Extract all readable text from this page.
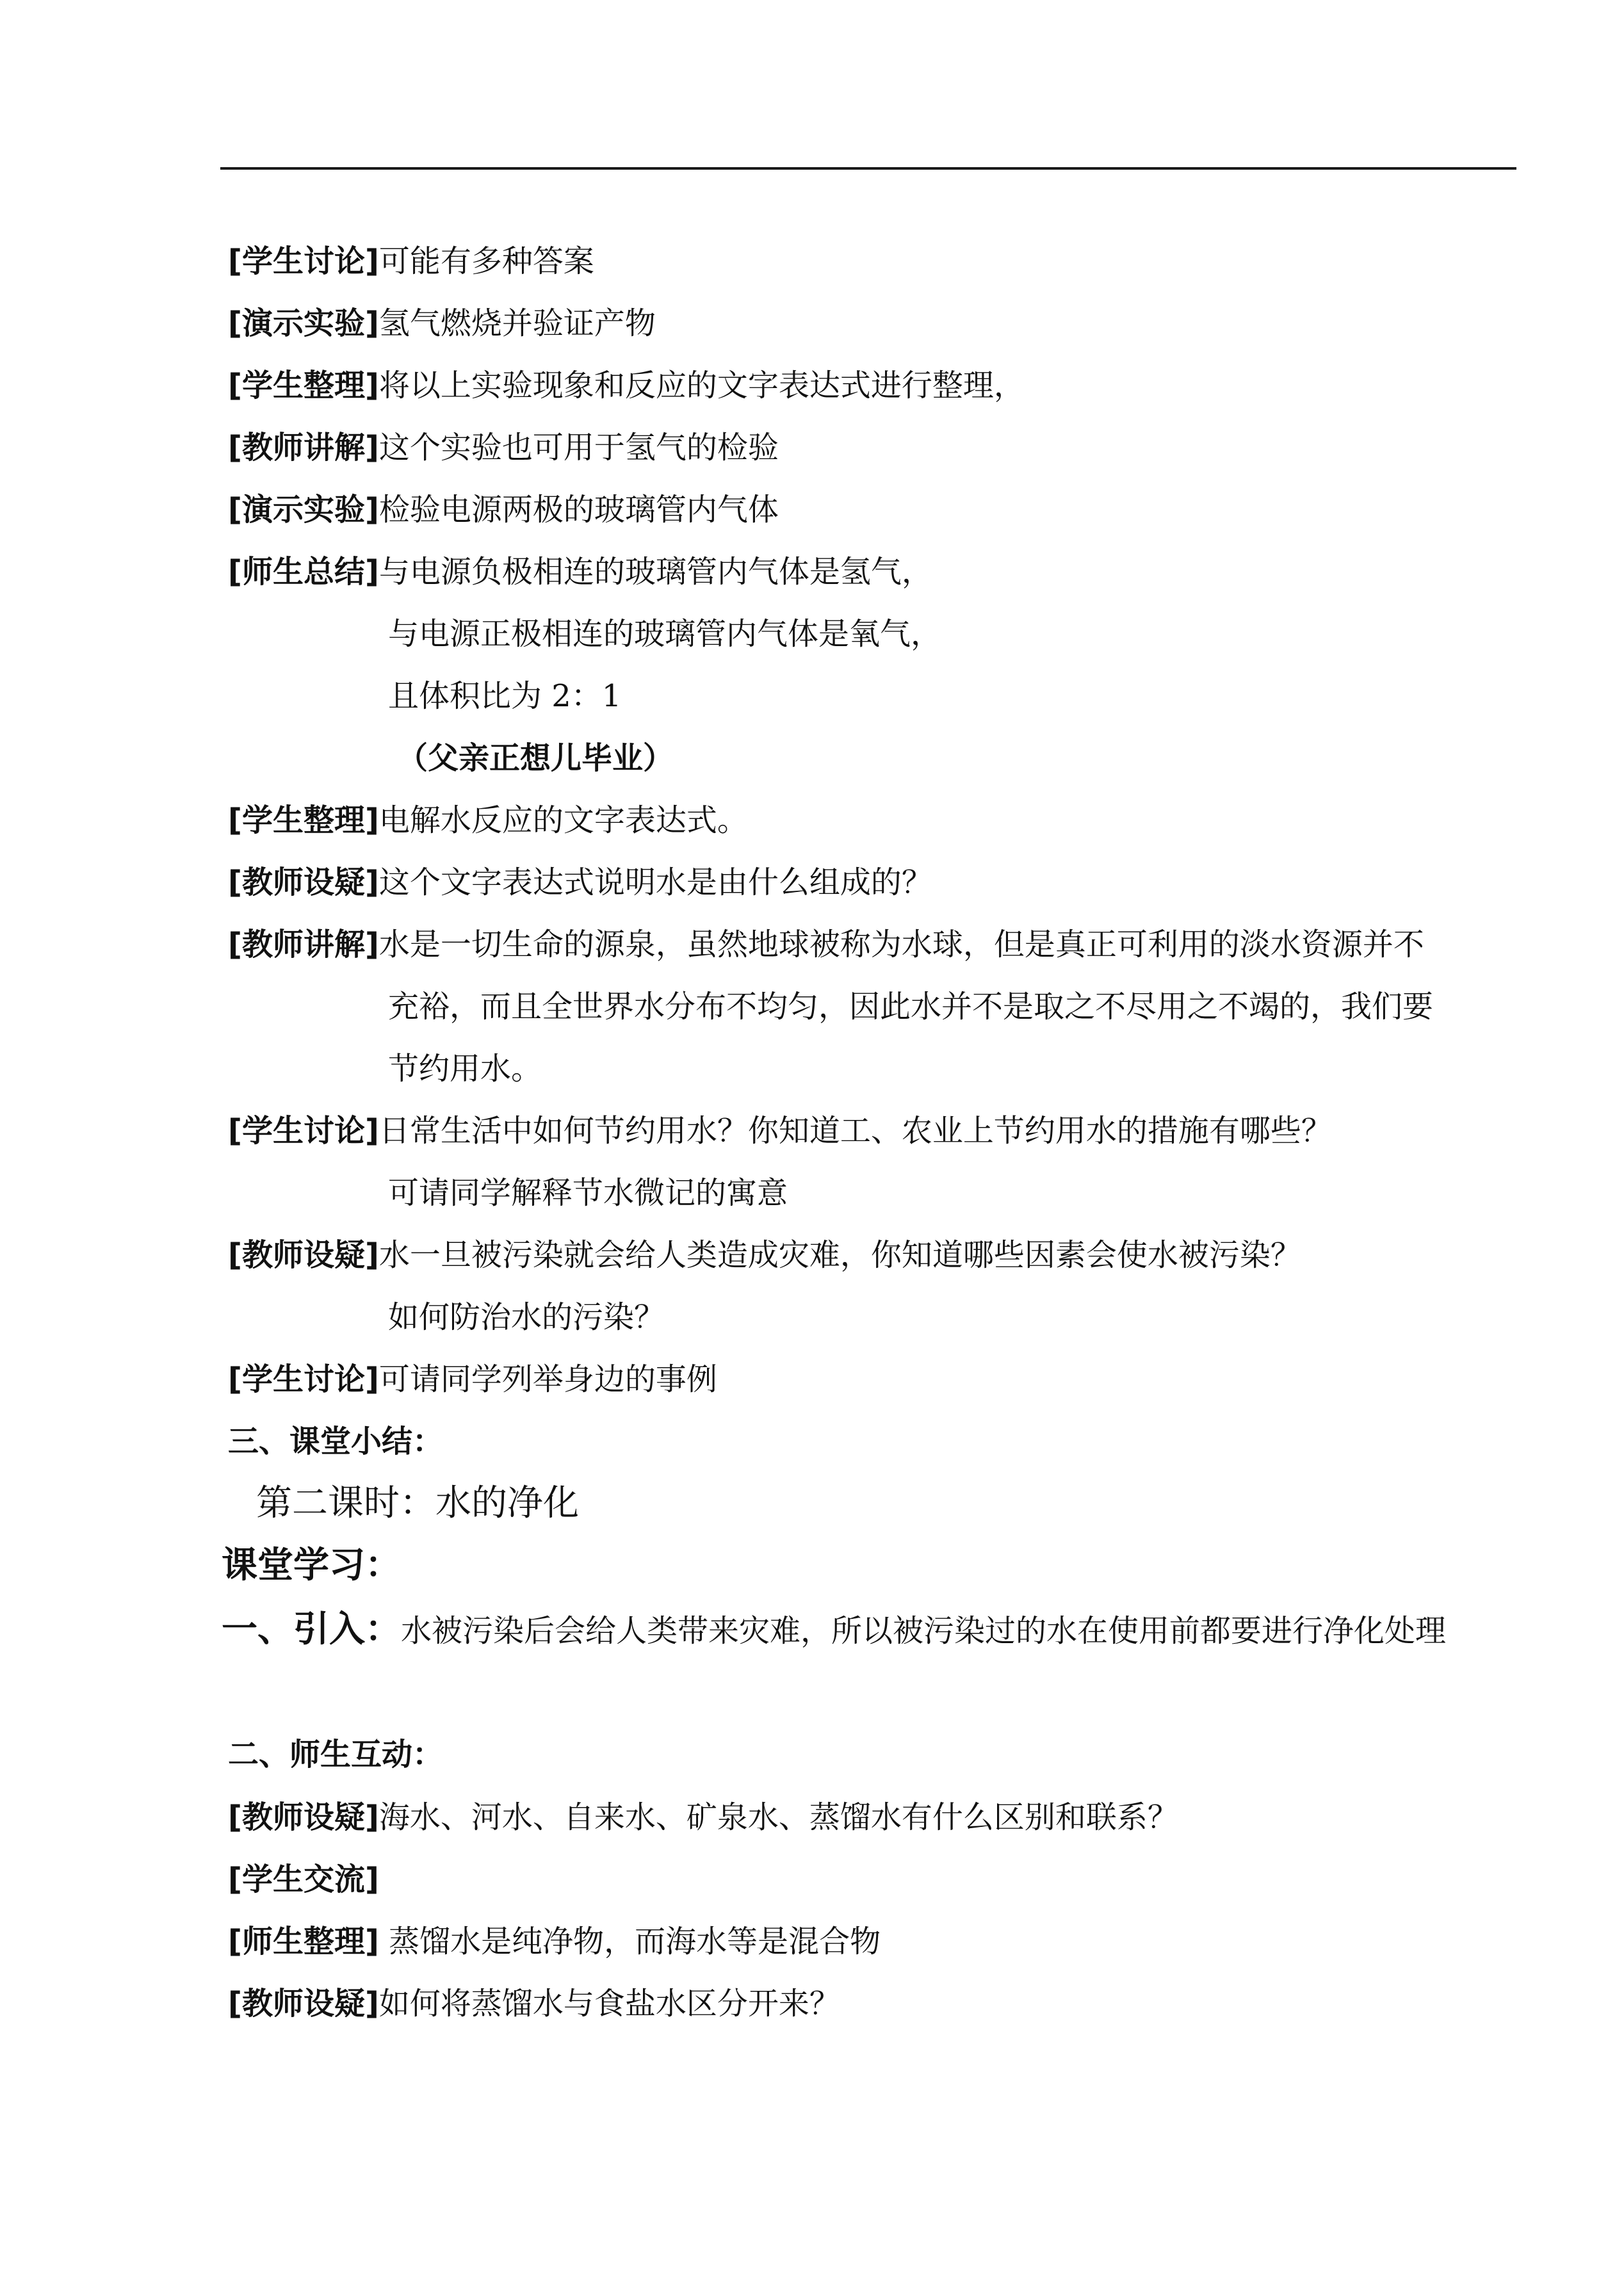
[学生讨论]可能有多种答案
[演示实验]氢气燃烧并验证产物
[学生整理]将以上实验现象和反应的文字表达式进行整理，
[教师讲解]这个实验也可用于氢气的检验
[演示实验]检验电源两极的玻璃管内气体
[师生总结]与电源负极相连的玻璃管内气体是氢气，
与电源正极相连的玻璃管内气体是氧气，
且体积比为 2：1
（父亲正想儿毕业）
[学生整理]电解水反应的文字表达式。
[教师设疑]这个文字表达式说明水是由什么组成的？
[教师讲解]水是一切生命的源泉，虽然地球被称为水球，但是真正可利用的淡水资源并不
充裕，而且全世界水分布不均匀，因此水并不是取之不尽用之不竭的，我们要
节约用水。
[学生讨论]日常生活中如何节约用水？你知道工、农业上节约用水的措施有哪些？
可请同学解释节水微记的寓意
[教师设疑]水一旦被污染就会给人类造成灾难，你知道哪些因素会使水被污染？
如何防治水的污染？
[学生讨论]可请同学列举身边的事例
三、课堂小结：
第二课时：水的净化
课堂学习：
一、引入：水被污染后会给人类带来灾难，所以被污染过的水在使用前都要进行净化处理
二、师生互动：
[教师设疑]海水、河水、自来水、矿泉水、蒸馏水有什么区别和联系？
[学生交流]
[师生整理] 蒸馏水是纯净物，而海水等是混合物
[教师设疑]如何将蒸馏水与食盐水区分开来？
